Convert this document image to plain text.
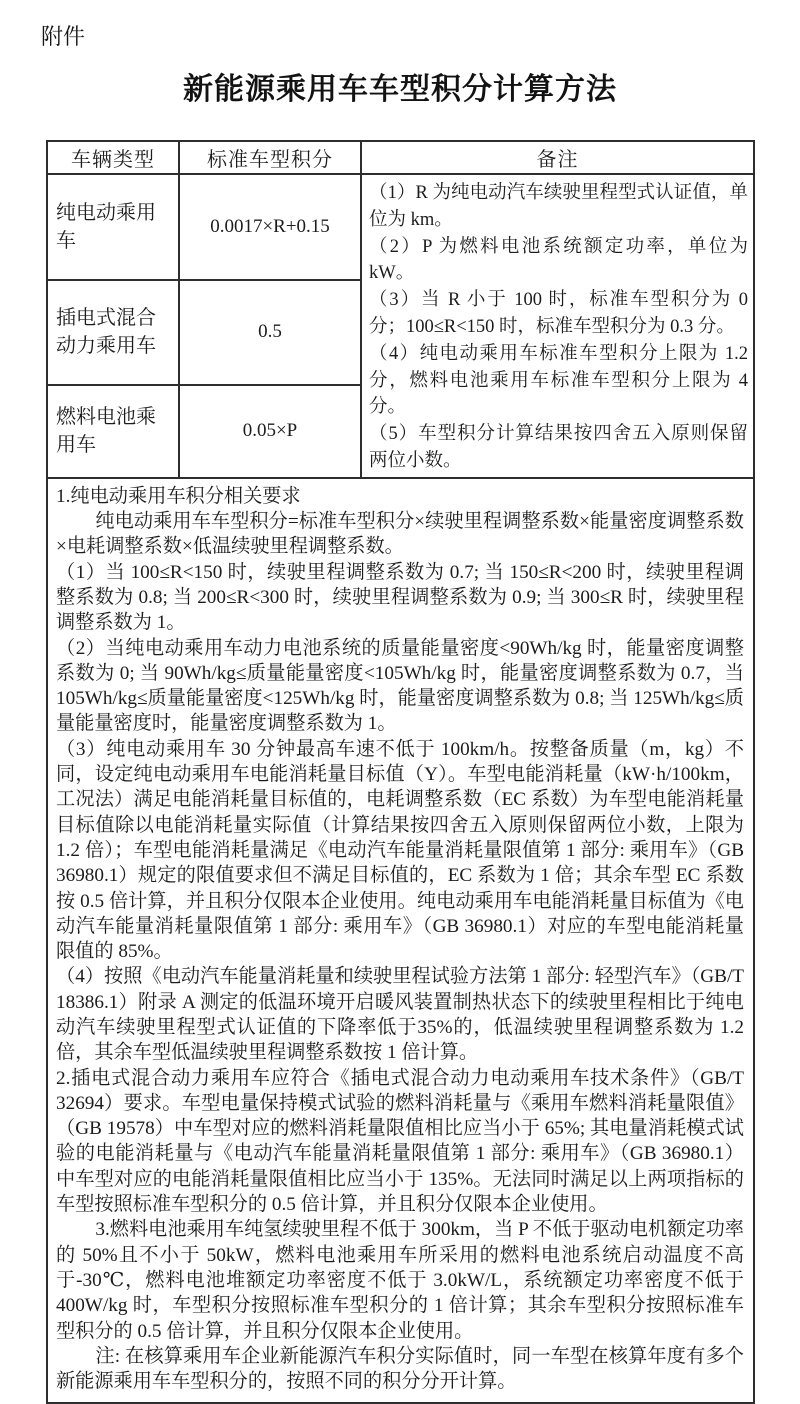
附件
新能源乘用车车型积分计算方法
车辆类型	标准车型积分	备注
纯电动乘用车	0.0017×R+0.15	（1）R 为纯电动汽车续驶里程型式认证值，单位为 km。

（2）P 为燃料电池系统额定功率，单位为 kW。

（3）当 R 小于 100 时，标准车型积分为 0 分；100≤R<150 时，标准车型积分为 0.3 分。

（4）纯电动乘用车标准车型积分上限为 1.2 分，燃料电池乘用车标准车型积分上限为 4 分。

（5）车型积分计算结果按四舍五入原则保留两位小数。

插电式混合动力乘用车	0.5	
燃料电池乘用车	0.05×P	

1.纯电动乘用车积分相关要求

纯电动乘用车车型积分=标准车型积分×续驶里程调整系数×能量密度调整系数×电耗调整系数×低温续驶里程调整系数。

（1）当 100≤R<150 时，续驶里程调整系数为 0.7; 当 150≤R<200 时，续驶里程调整系数为 0.8; 当 200≤R<300 时，续驶里程调整系数为 0.9; 当 300≤R 时，续驶里程调整系数为 1。

（2）当纯电动乘用车动力电池系统的质量能量密度<90Wh/kg 时，能量密度调整系数为 0; 当 90Wh/kg≤质量能量密度<105Wh/kg 时，能量密度调整系数为 0.7，当 105Wh/kg≤质量能量密度<125Wh/kg 时，能量密度调整系数为 0.8; 当 125Wh/kg≤质量能量密度时，能量密度调整系数为 1。

（3）纯电动乘用车 30 分钟最高车速不低于 100km/h。按整备质量（m，kg）不同，设定纯电动乘用车电能消耗量目标值（Y）。车型电能消耗量（kW·h/100km，工况法）满足电能消耗量目标值的，电耗调整系数（EC 系数）为车型电能消耗量目标值除以电能消耗量实际值（计算结果按四舍五入原则保留两位小数，上限为 1.2 倍）；车型电能消耗量满足《电动汽车能量消耗量限值第 1 部分: 乘用车》（GB 36980.1）规定的限值要求但不满足目标值的，EC 系数为 1 倍；其余车型 EC 系数按 0.5 倍计算，并且积分仅限本企业使用。纯电动乘用车电能消耗量目标值为《电动汽车能量消耗量限值第 1 部分: 乘用车》（GB 36980.1）对应的车型电能消耗量限值的 85%。

（4）按照《电动汽车能量消耗量和续驶里程试验方法第 1 部分: 轻型汽车》（GB/T 18386.1）附录 A 测定的低温环境开启暖风装置制热状态下的续驶里程相比于纯电动汽车续驶里程型式认证值的下降率低于35%的，低温续驶里程调整系数为 1.2 倍，其余车型低温续驶里程调整系数按 1 倍计算。

2.插电式混合动力乘用车应符合《插电式混合动力电动乘用车技术条件》（GB/T 32694）要求。车型电量保持模式试验的燃料消耗量与《乘用车燃料消耗量限值》（GB 19578）中车型对应的燃料消耗量限值相比应当小于 65%; 其电量消耗模式试验的电能消耗量与《电动汽车能量消耗量限值第 1 部分: 乘用车》（GB 36980.1）中车型对应的电能消耗量限值相比应当小于 135%。无法同时满足以上两项指标的车型按照标准车型积分的 0.5 倍计算，并且积分仅限本企业使用。

3.燃料电池乘用车纯氢续驶里程不低于 300km，当 P 不低于驱动电机额定功率的 50%且不小于 50kW，燃料电池乘用车所采用的燃料电池系统启动温度不高于-30℃，燃料电池堆额定功率密度不低于 3.0kW/L，系统额定功率密度不低于 400W/kg 时，车型积分按照标准车型积分的 1 倍计算；其余车型积分按照标准车型积分的 0.5 倍计算，并且积分仅限本企业使用。

注: 在核算乘用车企业新能源汽车积分实际值时，同一车型在核算年度有多个新能源乘用车车型积分的，按照不同的积分分开计算。
